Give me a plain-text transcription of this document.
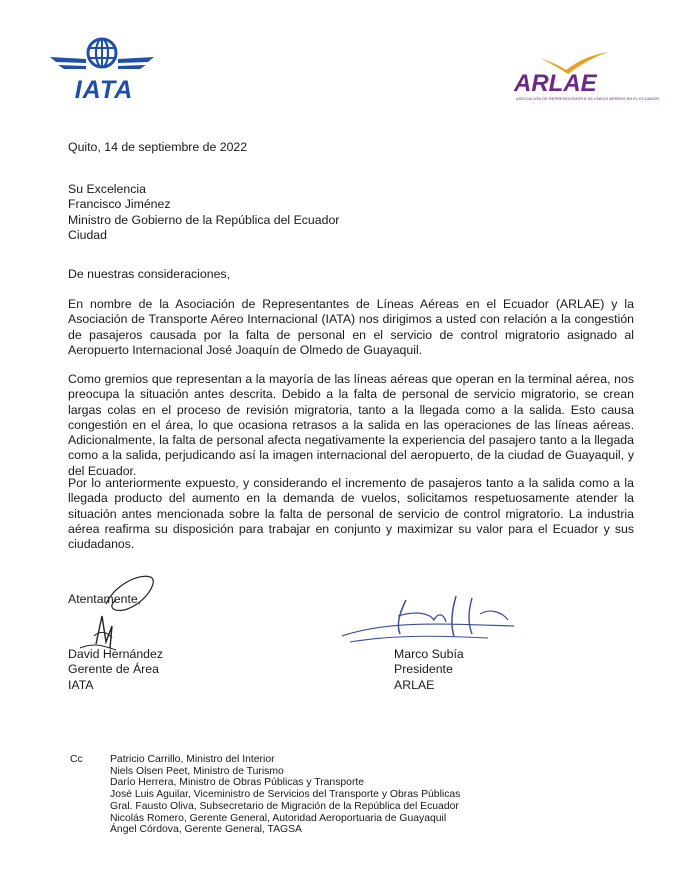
IATA	ARLAE
ASOCIACIÓN DE REPRESENTANTES DE LÍNEAS AÉREAS EN EL ECUADOR
Quito, 14 de septiembre de 2022
Su Excelencia
Francisco Jiménez
Ministro de Gobierno de la República del Ecuador
Ciudad
De nuestras consideraciones,
En nombre de la Asociación de Representantes de Líneas Aéreas en el Ecuador (ARLAE) y la Asociación de Transporte Aéreo Internacional (IATA) nos dirigimos a usted con relación a la congestión de pasajeros causada por la falta de personal en el servicio de control migratorio asignado al Aeropuerto Internacional José Joaquín de Olmedo de Guayaquil.
Como gremios que representan a la mayoría de las líneas aéreas que operan en la terminal aérea, nos preocupa la situación antes descrita. Debido a la falta de personal de servicio migratorio, se crean largas colas en el proceso de revisión migratoria, tanto a la llegada como a la salida. Esto causa congestión en el área, lo que ocasiona retrasos a la salida en las operaciones de las líneas aéreas. Adicionalmente, la falta de personal afecta negativamente la experiencia del pasajero tanto a la llegada como a la salida, perjudicando así la imagen internacional del aeropuerto, de la ciudad de Guayaquil, y del Ecuador.
Por lo anteriormente expuesto, y considerando el incremento de pasajeros tanto a la salida como a la llegada producto del aumento en la demanda de vuelos, solicitamos respetuosamente atender la situación antes mencionada sobre la falta de personal de servicio de control migratorio. La industria aérea reafirma su disposición para trabajar en conjunto y maximizar su valor para el Ecuador y sus ciudadanos.
Atentamente,
David Hernández
Gerente de Área
IATA
Marco Subía
Presidente
ARLAE
Cc	Patricio Carrillo, Ministro del Interior
Niels Olsen Peet, Ministro de Turismo
Darío Herrera, Ministro de Obras Públicas y Transporte
José Luis Aguilar, Viceministro de Servicios del Transporte y Obras Públicas
Gral. Fausto Oliva, Subsecretario de Migración de la República del Ecuador
Nicolás Romero, Gerente General, Autoridad Aeroportuaria de Guayaquil
Ángel Córdova, Gerente General, TAGSA
